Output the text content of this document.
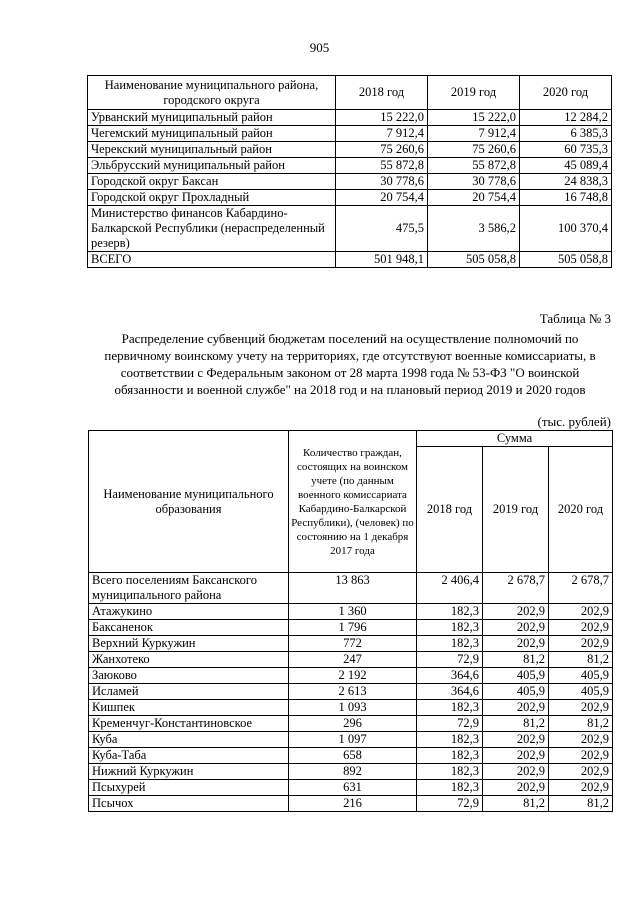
905
Наименование муниципального района, городского округа	2018 год	2019 год	2020 год
Урванский муниципальный район	15 222,0	15 222,0	12 284,2
Чегемский муниципальный район	7 912,4	7 912,4	6 385,3
Черекский муниципальный район	75 260,6	75 260,6	60 735,3
Эльбрусский муниципальный район	55 872,8	55 872,8	45 089,4
Городской округ Баксан	30 778,6	30 778,6	24 838,3
Городской округ Прохладный	20 754,4	20 754,4	16 748,8
Министерство финансов Кабардино-Балкарской Республики (нераспределенный резерв)	475,5	3 586,2	100 370,4
ВСЕГО	501 948,1	505 058,8	505 058,8
Таблица № 3
Распределение субвенций бюджетам поселений на осуществление полномочий по первичному воинскому учету на территориях, где отсутствуют военные комиссариаты, в соответствии с Федеральным законом от 28 марта 1998 года № 53-ФЗ "О воинской обязанности и военной службе" на 2018 год и на плановый период 2019 и 2020 годов
(тыс. рублей)
Наименование муниципального образования	Количество граждан, состоящих на воинском учете (по данным военного комиссариата Кабардино-Балкарской Республики), (человек) по состоянию на 1 декабря 2017 года	Сумма		
		2018 год	2019 год	2020 год
Всего поселениям Баксанского муниципального района	13 863	2 406,4	2 678,7	2 678,7
Атажукино	1 360	182,3	202,9	202,9
Баксаненок	1 796	182,3	202,9	202,9
Верхний Куркужин	772	182,3	202,9	202,9
Жанхотеко	247	72,9	81,2	81,2
Заюково	2 192	364,6	405,9	405,9
Исламей	2 613	364,6	405,9	405,9
Кишпек	1 093	182,3	202,9	202,9
Кременчуг-Константиновское	296	72,9	81,2	81,2
Куба	1 097	182,3	202,9	202,9
Куба-Таба	658	182,3	202,9	202,9
Нижний Куркужин	892	182,3	202,9	202,9
Псыхурей	631	182,3	202,9	202,9
Псычох	216	72,9	81,2	81,2
